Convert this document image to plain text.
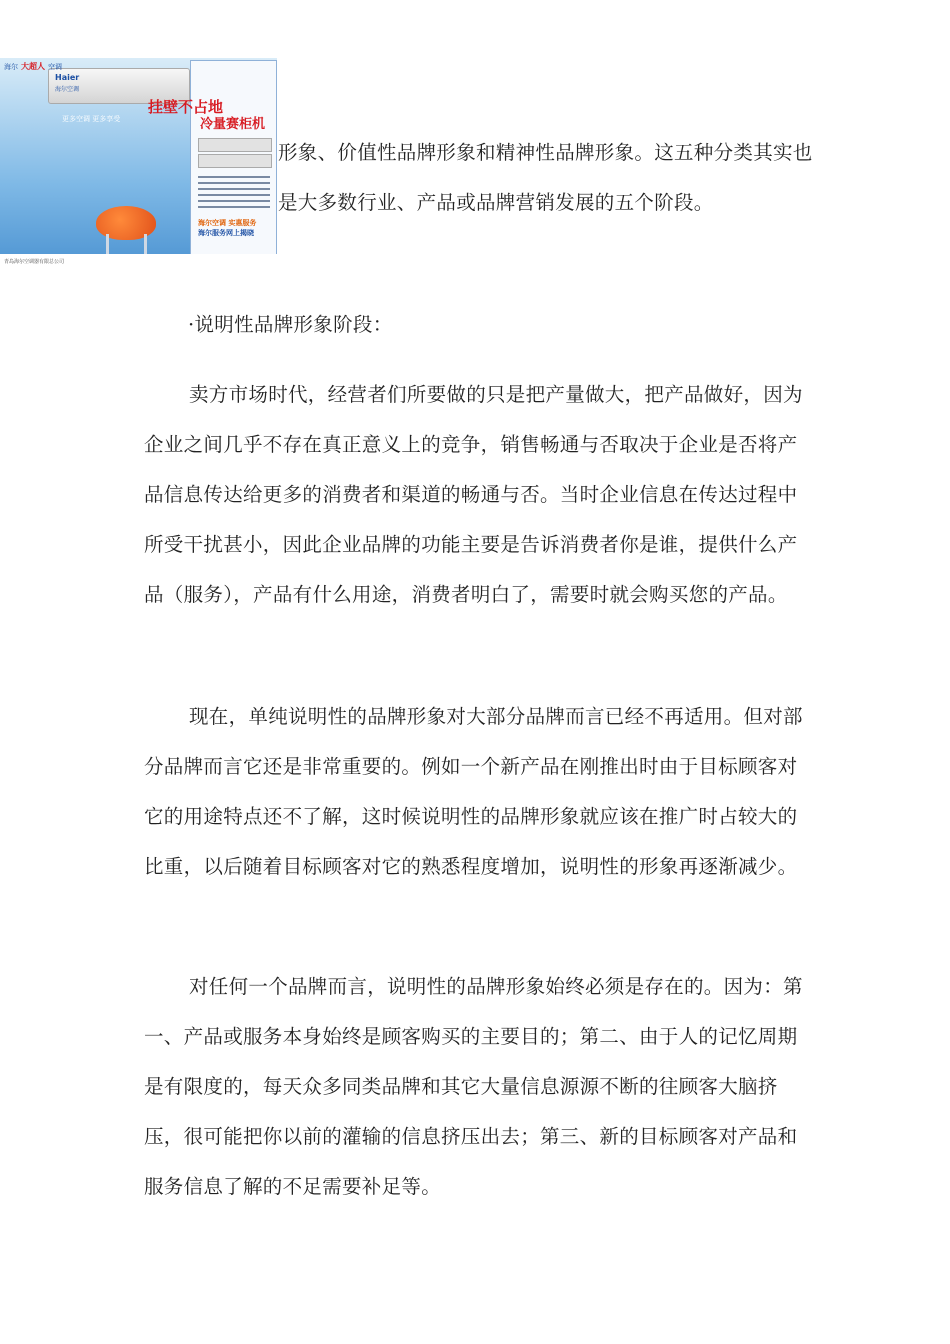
Haier
海尔空调
海尔 大超人 空调
挂壁不占地
冷量赛柜机
更多空调 更多享受
海尔空调 实惠服务
海尔服务网上揭晓
青岛海尔空调器有限总公司

形象、价值性品牌形象和精神性品牌形象。这五种分类其实也是大多数行业、产品或品牌营销发展的五个阶段。

·说明性品牌形象阶段：

卖方市场时代，经营者们所要做的只是把产量做大，把产品做好，因为企业之间几乎不存在真正意义上的竞争，销售畅通与否取决于企业是否将产品信息传达给更多的消费者和渠道的畅通与否。当时企业信息在传达过程中所受干扰甚小，因此企业品牌的功能主要是告诉消费者你是谁，提供什么产品（服务），产品有什么用途，消费者明白了，需要时就会购买您的产品。

现在，单纯说明性的品牌形象对大部分品牌而言已经不再适用。但对部分品牌而言它还是非常重要的。例如一个新产品在刚推出时由于目标顾客对它的用途特点还不了解，这时候说明性的品牌形象就应该在推广时占较大的比重，以后随着目标顾客对它的熟悉程度增加，说明性的形象再逐渐减少。

对任何一个品牌而言，说明性的品牌形象始终必须是存在的。因为：第一、产品或服务本身始终是顾客购买的主要目的；第二、由于人的记忆周期是有限度的，每天众多同类品牌和其它大量信息源源不断的往顾客大脑挤压，很可能把你以前的灌输的信息挤压出去；第三、新的目标顾客对产品和服务信息了解的不足需要补足等。
